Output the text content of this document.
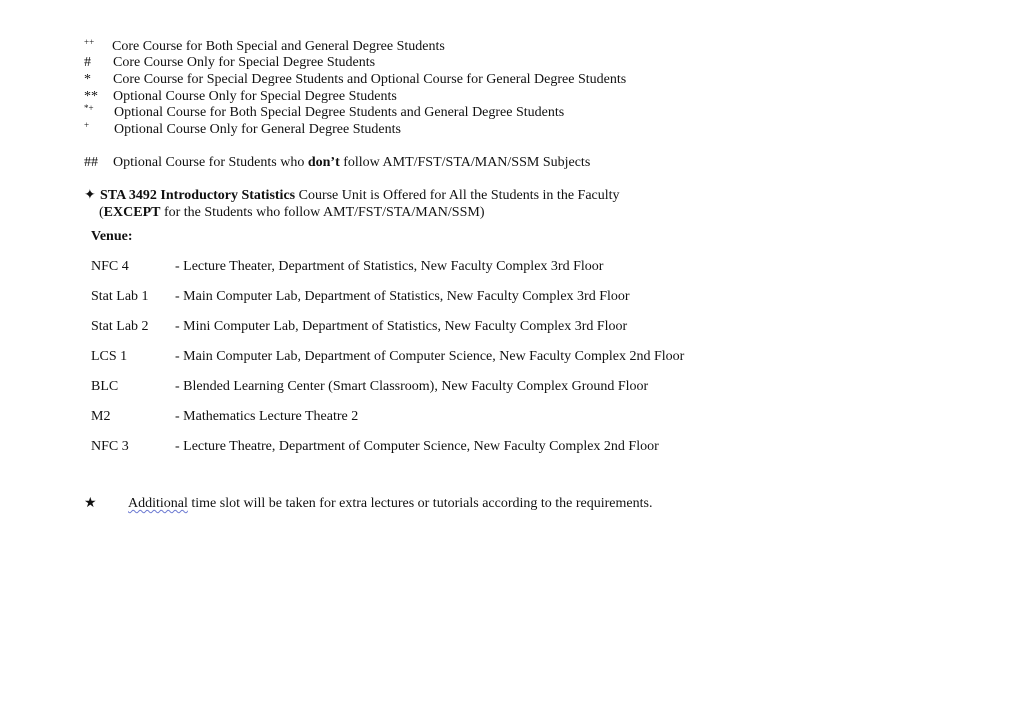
++ Core Course for Both Special and General Degree Students
# Core Course Only for Special Degree Students
* Core Course for Special Degree Students and Optional Course for General Degree Students
** Optional Course Only for Special Degree Students
*+ Optional Course for Both Special Degree Students and General Degree Students
+ Optional Course Only for General Degree Students
## Optional Course for Students who don’t follow AMT/FST/STA/MAN/SSM Subjects
✦ STA 3492 Introductory Statistics Course Unit is Offered for All the Students in the Faculty
(EXCEPT for the Students who follow AMT/FST/STA/MAN/SSM)
Venue:
NFC 4	- Lecture Theater, Department of Statistics, New Faculty Complex 3rd Floor
Stat Lab 1 - Main Computer Lab, Department of Statistics, New Faculty Complex 3rd Floor
Stat Lab 2 - Mini Computer Lab, Department of Statistics, New Faculty Complex 3rd Floor
LCS 1	- Main Computer Lab, Department of Computer Science, New Faculty Complex 2nd Floor
BLC	- Blended Learning Center (Smart Classroom), New Faculty Complex Ground Floor
M2	- Mathematics Lecture Theatre 2
NFC 3	- Lecture Theatre, Department of Computer Science, New Faculty Complex 2nd Floor
★ Additional time slot will be taken for extra lectures or tutorials according to the requirements.
